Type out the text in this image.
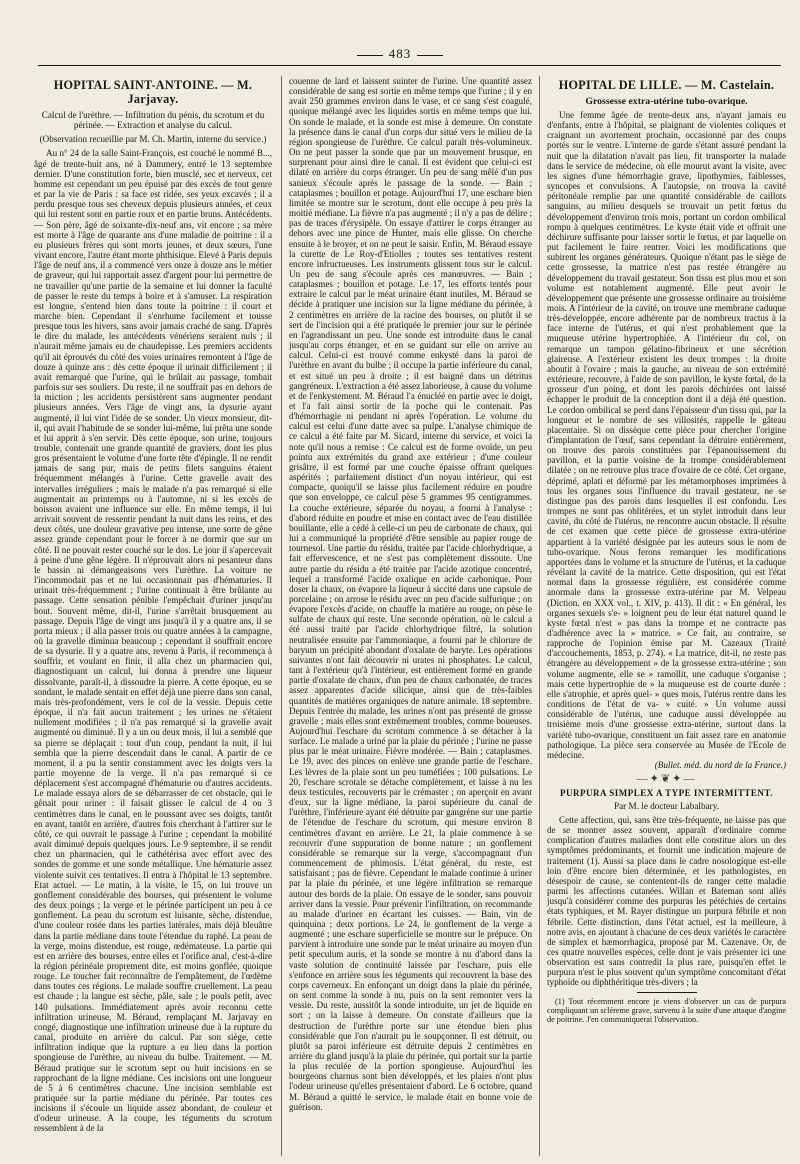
483
HOPITAL SAINT-ANTOINE. — M. Jarjavay.
Calcul de l'urèthre. — Infiltration du pénis, du scrotum et du périnée. — Extraction et analyse du calcul.
(Observation recueillie par M. Ch. Martin, interne du service.)

Au n° 24 de la salle Saint-François, est couché le nommé B..., âgé de trente-huit ans, né à Dammery, entré le 13 septembre dernier. D'une constitution forte, bien musclé, sec et nerveux, cet homme est cependant un peu épuisé par des excès de tout genre et par la vie de Paris : sa face est ridée, ses yeux excavés ; il a perdu presque tous ses cheveux depuis plusieurs années, et ceux qui lui restent sont en partie roux et en partie bruns. Antécédents. — Son père, âgé de soixante-dix-neuf ans, vit encore ; sa mère est morte à l'âge de quarante ans d'une maladie de poitrine : il a eu plusieurs frères qui sont morts jeunes, et deux sœurs, l'une vivant encore, l'autre étant morte phthisique. Elevé à Paris depuis l'âge de neuf ans, il a commencé vers onze à douze ans le métier de graveur, qui lui rapportait assez d'argent pour lui permettre de ne travailler qu'une partie de la semaine et lui donner la faculté de passer le reste du temps à boire et à s'amuser. La respiration est longue, s'entend bien dans toute la poitrine : il court et marche bien. Cependant il s'enrhume facilement et tousse presque tous les hivers, sans avoir jamais craché de sang. D'après le dire du malade, les antécédents vénériens seraient nuls ; il n'aurait même jamais eu de chaudepisse. Les premiers accidents qu'il ait éprouvés du côté des voies urinaires remontent à l'âge de douze à quinze ans : dès cette époque il urinait difficilement ; il avait remarqué que l'urine, qui le brûlait au passage, tombait parfois sur ses souliers. Du reste, il ne souffrait pas en dehors de la miction ; les accidents persistèrent sans augmenter pendant plusieurs années. Vers l'âge de vingt ans, la dysurie ayant augmenté, il lui vint l'idée de se sonder. Un vieux monsieur, dit-il, qui avait l'habitude de se sonder lui-même, lui prêta une sonde et lui apprit à s'en servir. Dès cette époque, son urine, toujours trouble, contenait une grande quantité de graviers, dont les plus gros présentaient le volume d'une forte tête d'épingle. Il ne rendit jamais de sang pur, mais de petits filets sanguins étaient fréquemment mélangés à l'urine. Cette gravelle avait des intervalles irréguliers ; mais le malade n'a pas remarqué si elle augmentait au printemps ou à l'automne, ni si les excès de boisson avaient une influence sur elle. En même temps, il lui arrivait souvent de ressentir pendant la nuit dans les reins, et des deux côtés, une douleur gravative peu intense, une sorte de gêne assez grande cependant pour le forcer à ne dormir que sur un côté. Il ne pouvait rester couché sur le dos. Le jour il s'apercevait à peine d'une gêne légère. Il n'éprouvait alors ni pesanteur dans le bassin ni démangeaisons vers l'urèthre. La voiture ne l'incommodait pas et ne lui occasionnait pas d'hématuries. Il urinait très-fréquemment ; l'urine continuait à être brûlante au passage. Cette sensation pénible l'empêchait d'uriner jusqu'au bout. Souvent même, dit-il, l'urine s'arrêtait brusquement au passage. Depuis l'âge de vingt ans jusqu'à il y a quatre ans, il se porta mieux ; il alla passer trois ou quatre années à la campagne, où la gravelle diminua beaucoup ; cependant il souffrait encore de sa dysurie. Il y a quatre ans, revenu à Paris, il recommença à souffrir, et voulant en finir, il alla chez un pharmacien qui, diagnostiquant un calcul, lui donna à prendre une liqueur dissolvante, paraît-il, à dissoudre la pierre. A cette époque, eu se sondant, le malade sentait en effet déjà une pierre dans son canal, mais très-profondément, vers le col de la vessie. Depuis cette époque, il n'a fait aucun traitement ; les urines ne s'étaient nullement modifiées ; il n'a pas remarqué si la gravelle avait augmenté ou diminué. Il y a un ou deux mois, il lui a semblé que sa pierre se déplaçait : tout d'un coup, pendant la nuit, il lui sembla que la pierre descendait dans le canal. A partir de ce moment, il a pu la sentir constamment avec les doigts vers la partie moyenne de la verge. Il n'a pas remarqué si ce déplacement s'est accompagné d'hématurie ou d'autres accidents. Le malade essaya alors de se débarrasser de cet obstacle, qui le gênait pour uriner : il faisait glisser le calcul de 4 ou 3 centimètres dans le canal, en le poussant avec ses doigts, tantôt en avant, tantôt en arrière, d'autres fois cherchant à l'attirer sur le côté, ce qui ouvrait le passage à l'urine ; cependant la mobilité avait diminué depuis quelques jours. Le 9 septembre, il se rendit chez un pharmacien, qui le cathétérisa avec effort avec des sondes de gomme et une sonde métallique. Une hématurie assez violente suivit ces tentatives. Il entra à l'hôpital le 13 septembre. Etat actuel. — Le matin, à la visite, le 15, on lui trouve un gonflement considérable des bourses, qui présentent le volume des deux poings ; la verge et le périnée participent un peu à ce gonflement. La peau du scrotum est luisante, sèche, distendue, d'une couleur rosée dans les parties latérales, mais déjà bleuâtre dans la partie médiane dans toute l'étendue du raphé. La peau de la verge, moins distendue, est rouge, œdémateuse. La partie qui est en arrière des bourses, entre elles et l'orifice anal, c'est-à-dire la région périnéale proprement dite, est moins gonflée, quoique rouge. Le toucher fait reconnaître de l'empâtement, de l'œdème dans toutes ces régions. Le malade souffre cruellement. La peau est chaude ; la langue est sèche, pâle, sale ; le pouls petit, avec 140 pulsations. Immédiatement après avoir reconnu cette infiltration urineuse, M. Béraud, remplaçant M. Jarjavay en congé, diagnostique une infiltration urineuse due à la rupture du canal, produite en arrière du calcul. Par son siège, cette infiltration indique que la rupture a eu lieu dans la portion spongieuse de l'urèthre, au niveau du bulbe. Traitement. — M. Béraud pratique sur le scrotum sept ou huit incisions en se rapprochant de la ligne médiane. Ces incisions ont une longueur de 5 à 6 centimètres chacune. Une incision semblable est pratiquée sur la partie médiane du périnée. Par toutes ces incisions il s'écoule un liquide assez abondant, de couleur et d'odeur urineuse. A la coupe, les téguments du scrotum ressemblent à de la

couenne de lard et laissent suinter de l'urine. Une quantité assez considérable de sang est sortie en même temps que l'urine ; il y en avait 250 grammes environ dans le vase, et ce sang s'est coagulé, quoique mélangé avec les liquides sortis en même temps que lui. On sonde le malade, et la sonde est mise à demeure. On constate la présence dans le canal d'un corps dur situé vers le milieu de la région spongieuse de l'urèthre. Ce calcul paraît très-volumineux. On ne peut passer la sonde que par un mouvement brusque, en surprenant pour ainsi dire le canal. Il est évident que celui-ci est dilaté en arrière du corps étranger. Un peu de sang mêlé d'un pus sanieux s'écoule après le passage de la sonde. — Bain ; cataplasmes ; bouillon et potage. Aujourd'hui 17, une eschare bien limitée se montre sur le scrotum, dont elle occupe à peu près la moitié médiane. La fièvre n'a pas augmenté ; il n'y a pas de délire ; pas de traces d'érysipèle. On essaye d'attirer le corps étranger au dehors avec une pince de Hunter, mais elle glisse. On cherche ensuite à le broyer, et on ne peut le saisir. Enfin, M. Béraud essaye la curette de Le Roy-d'Etiolles ; toutes ses tentatives restent encore infructueuses. Les instruments glissent tous sur le calcul. Un peu de sang s'écoule après ces manœuvres. — Bain ; cataplasmes ; bouillon et potage. Le 17, les efforts tentés pour extraire le calcul par le méat urinaire étant inutiles, M. Béraud se décide à pratiquer une incision sur la ligne médiane du périnée, à 2 centimètres en arrière de la racine des bourses, ou plutôt il se sert de l'incision qui a été pratiquée le premier jour sur le périnée en l'agrandissant un peu. Une sonde est introduite dans le canal jusqu'au corps étranger, et en se guidant sur elle on arrive au calcul. Celui-ci est trouvé comme enkysté dans la paroi de l'urèthre en avant du bulbe ; il occupe la partie inférieure du canal, et est situé un peu à droite ; il est baigné dans un détritus gangréneux. L'extraction a été assez laborieuse, à cause du volume et de l'enkystement. M. Béraud l'a énucléé en partie avec le doigt, et l'a fait ainsi sortir de la poche qui le contenait. Pas d'hémorrhagie ni pendant ni après l'opération. Le volume du calcul est celui d'une datte avec sa pulpe. L'analyse chimique de ce calcul a été faite par M. Sicard, interne du service, et voici la note qu'il nous a remise : Ce calcul est de forme ovoïde, un peu pointu aux extrémités du grand axe extérieur ; d'une couleur grisâtre, il est formé par une couche épaisse offrant quelques aspérités ; parfaitement distinct d'un noyau intérieur, qui est compacte, quoiqu'il se laisse plus facilement réduire en poudre que son enveloppe, ce calcul pèse 5 grammes 95 centigrammes. La couche extérieure, séparée du noyau, a fourni à l'analyse : d'abord réduite en poudre et mise en contact avec de l'eau distillée bouillante, elle a cédé à celle-ci un peu de carbonate de chaux, qui lui a communiqué la propriété d'être sensible au papier rouge de tournesol. Une partie du résidu, traitée par l'acide chlorhydrique, a fait effervescence, et ne s'est pas complètement dissoute. Une autre partie du résidu a été traitée par l'acide azotique concentré, lequel a transformé l'acide oxalique en acide carbonique. Pour doser la chaux, on évapore la liqueur à siccité dans une capsule de porcelaine ; on arrose le résidu avec un peu d'acide sulfurique ; on évapore l'excès d'acide, on chauffe la matière au rouge, on pèse le sulfate de chaux qui reste. Une seconde opération, où le calcul a été aussi traité par l'acide chlorhydrique filtré, la solution neutralisée ensuite par l'ammoniaque, a fourni par le chlorure de baryum un précipité abondant d'oxalate de baryte. Les opérations suivantes n'ont fait découvrir ni urates ni phosphates. Le calcul, tant à l'extérieur qu'à l'intérieur, est entièrement formé en grande partie d'oxalate de chaux, d'un peu de chaux carbonatée, de traces assez apparentes d'acide silicique, ainsi que de très-faibles quantités de matières organiques de nature animale. 18 septembre. Depuis l'entrée du malade, les urines n'ont pas présenté de grosse gravelle ; mais elles sont extrêmement troubles, comme boueuses. Aujourd'hui l'eschare du scrotum commence à se détacher à la surface. Le malade a uriné par la plaie du périnée ; l'urine ne passe plus par le méat urinaire. Fièvre modérée. — Bain ; cataplasmes. Le 19, avec des pinces on enlève une grande partie de l'eschare. Les lèvres de la plaie sont un peu tuméfiées ; 100 pulsations. Le 20, l'eschare scrotale se détache complètement, et laisse à nu les deux testicules, recouverts par le crémaster ; on aperçoit en avant d'eux, sur la ligne médiane, la paroi supérieure du canal de l'urèthre, l'inférieure ayant été détruite par gangrène sur une partie de l'étendue de l'eschare du scrotum, qui mesure environ 8 centimètres d'avant en arrière. Le 21, la plaie commence à se recouvrir d'une suppuration de bonne nature ; un gonflement considérable se remarque sur la verge, s'accompagnant d'un commencement de phimosis. L'état général, du reste, est satisfaisant ; pas de fièvre. Cependant le malade continue à uriner par la plaie du périnée, et une légère infiltration se remarque autour des bords de la plaie. On essaye de le sonder, sans pouvoir arriver dans la vessie. Pour prévenir l'infiltration, on recommande au malade d'uriner en écartant les cuisses. — Bain, vin de quinquina ; deux portions. Le 24, le gonflement de la verge a augmenté ; une eschare superficielle se montre sur le prépuce. On parvient à introduire une sonde par le méat urinaire au moyen d'un petit speculum auris, et la sonde se montre à nu d'abord dans la vaste solution de continuité laissée par l'eschare, puis elle s'enfonce en arrière sous les téguments qui recouvrent la base des corps caverneux. En enfonçant un doigt dans la plaie du périnée, on sent comme la sonde à nu, puis on la sent remonter vers la vessie. Du reste, aussitôt la sonde introduite, un jet de liquide en sort ; on la laisse à demeure. On constate d'ailleurs que la destruction de l'urèthre porte sur une étendue bien plus considérable que l'on n'aurait pu le soupçonner. Il est détruit, ou plutôt sa paroi inférieure est détruite depuis 2 centimètres en arrière du gland jusqu'à la plaie du périnée, qui portait sur la partie la plus reculée de la portion spongieuse. Aujourd'hui les bourgeons charnus sont bien développés, et les plaies n'ont plus l'odeur urineuse qu'elles présentaient d'abord. Le 6 octobre, quand M. Béraud a quitté le service, le malade était en bonne voie de guérison.

HOPITAL DE LILLE. — M. Castelain.
Grossesse extra-utérine tubo-ovarique.

Une femme âgée de trente-deux ans, n'ayant jamais eu d'enfants, entre à l'hôpital, se plaignant de violentes coliques et craignant un avortement prochain, occasionné par des coups portés sur le ventre. L'interne de garde s'étant assuré pendant la nuit que la dilatation n'avait pas lieu, fit transporter la malade dans le service de médecine, où elle mourut avant la visite, avec les signes d'une hémorrhagie grave, lipothymies, faiblesses, syncopes et convulsions. A l'autopsie, on trouva la cavité péritonéale remplie par une quantité considérable de caillots sanguins, au milieu desquels se trouvait un petit fœtus du développement d'environ trois mois, portant un cordon ombilical rompu à quelques centimètres. Le kyste était vide et offrait une déchirure suffisante pour laisser sortir le fœtus, et par laquelle on put facilement le faire rentrer. Voici les modifications que subirent les organes générateurs. Quoique n'étant pas le siège de cette grossesse, la matrice n'est pas restée étrangère au développement du travail gestateur. Son tissu est plus mou et son volume est notablement augmenté. Elle peut avoir le développement que présente une grossesse ordinaire au troisième mois. A l'intérieur de la cavité, on trouve une membrane caduque très-développée, encore adhérente par de nombreux tractus à la face interne de l'utérus, et qui n'est probablement que la muqueuse utérine hypertrophiée. A l'intérieur du col, on remarque un tampon gélatino-fibrineux et une sécrétion glaireuse. A l'extérieur existent les deux trompes : la droite aboutit à l'ovaire ; mais la gauche, au niveau de son extrémité extérieure, recouvre, à l'aide de son pavillon, le kyste fœtal, de la grosseur d'un poing, et dont les parois déchirées ont laissé échapper le produit de la conception dont il a déjà été question. Le cordon ombilical se perd dans l'épaisseur d'un tissu qui, par la longueur et le nombre de ses villosités, rappelle le gâteau placentaire. Si on dissèque cette pièce pour chercher l'origine d'implantation de l'œuf, sans cependant la détruire entièrement, on trouve des parois constituées par l'épanouissement du pavillon, et la partie voisine de la trompe considérablement dilatée ; on ne retrouve plus trace d'ovaire de ce côté. Cet organe, déprimé, aplati et déformé par les métamorphoses imprimées à tous les organes sous l'influence du travail gestateur, ne se distingue pas des parois dans lesquelles il est confondu. Les trompes ne sont pas oblitérées, et un stylet introduit dans leur cavité, du côté de l'utérus, ne rencontre aucun obstacle. Il résulte de cet examen que cette pièce de grossesse extra-utérine appartient à la variété désignée par les auteurs sous le nom de tubo-ovarique. Nous ferons remarquer les modifications apportées dans le volume et la structure de l'utérus, et la caduque révélant la cavité de la matrice. Cette disposition, qui est l'état normal dans la grossesse régulière, est considérée comme anormale dans la grossesse extra-utérine par M. Velpeau (Diction. en XXX vol., t. XIV, p. 413). Il dit : « En général, les organes sexuels s'e- » loignent peu de leur état naturel quand le kyste fœtal n'est » pas dans la trompe et ne contracte pas d'adhérence avec la » matrice. » Ce fait, au contraire, se rapproche de l'opinion émise par M. Cazeaux (Traité d'accouchements, 1853, p. 274). « La matrice, dit-il, ne reste pas étrangère au développement » de la grossesse extra-utérine ; son volume augmente, elle se » ramollit, une caduque s'organise ; mais cette hypertrophie de » la muqueuse est de courte durée : elle s'atrophie, et après quel- » ques mois, l'utérus rentre dans les conditions de l'état de va- » cuité. » Un volume aussi considérable de l'utérus, une caduque aussi développée au troisième mois d'une grossesse extra-utérine, surtout dans la variété tubo-ovarique, constituent un fait assez rare en anatomie pathologique. La pièce sera conservée au Musée de l'Ecole de médecine.

(Bullet. méd. du nord de la France.)
—✦❦✦—
PURPURA SIMPLEX A TYPE INTERMITTENT.
Par M. le docteur Labalbary.

Cette affection, qui, sans être très-fréquente, ne laisse pas que de se montrer assez souvent, apparaît d'ordinaire comme complication d'autres maladies dont elle constitue alors un des symptômes prédominants, et fournit une indication majeure de traitement (1). Aussi sa place dans le cadre nosologique est-elle loin d'être encore bien déterminée, et les pathologistes, en désespoir de cause, se contentent-ils de ranger cette maladie parmi les affections cutanées. Willan et Bateman sont allés jusqu'à considérer comme des purpuras les pétéchies de certains états typhiques, et M. Rayer distingue un purpura fébrile et non fébrile. Cette distinction, dans l'état actuel, est la meilleure, à notre avis, en ajoutant à chacune de ces deux variétés le caractère de simplex et hæmorrhagica, proposé par M. Cazenave. Or, de ces quatre nouvelles espèces, celle dont je vais présenter ici une observation est sans contredit la plus rare, puisqu'en effet le purpura n'est le plus souvent qu'un symptôme concomitant d'état typhoïde ou diphthéritique très-divers ; la

(1) Tout récemment encore je viens d'observer un cas de purpura compliquant un scléreme grave, survenu à la suite d'une attaque d'angine de poitrine. J'en communiquerai l'observation.
